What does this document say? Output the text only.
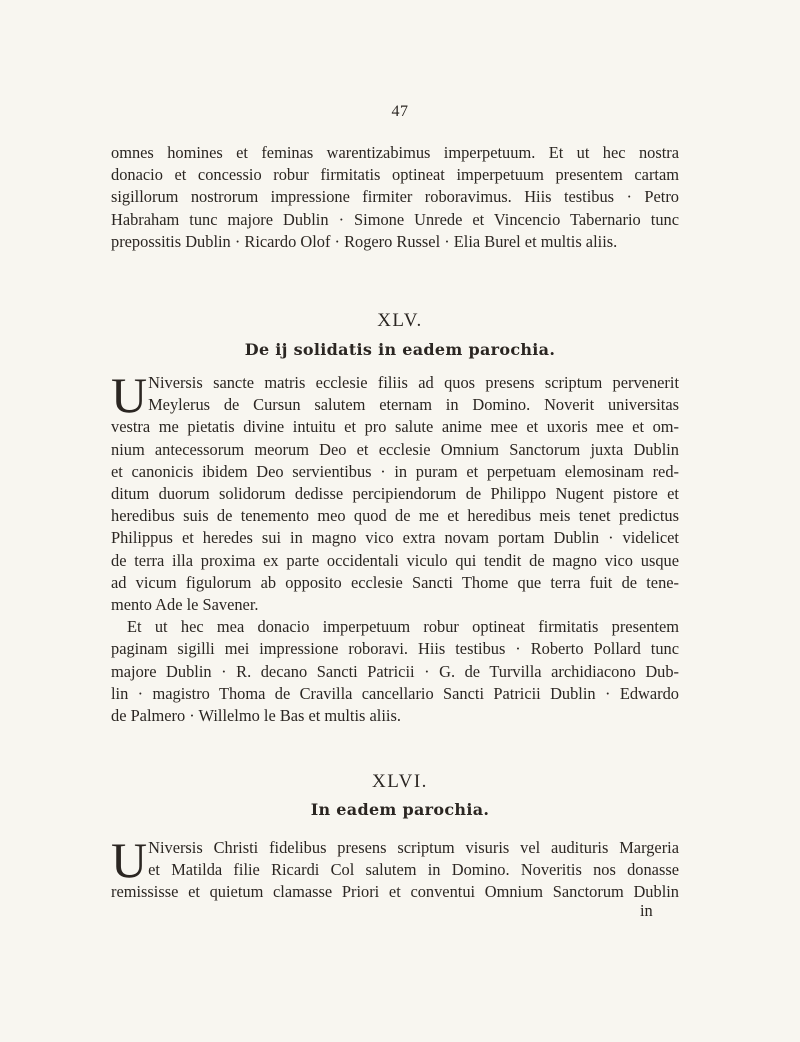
47
omnes homines et feminas warentizabimus imperpetuum. Et ut hec nostra
donacio et concessio robur firmitatis optineat imperpetuum presentem cartam
sigillorum nostrorum impressione firmiter roboravimus. Hiis testibus · Petro
Habraham tunc majore Dublin · Simone Unrede et Vincencio Tabernario tunc
prepossitis Dublin · Ricardo Olof · Rogero Russel · Elia Burel et multis aliis.
XLV.
De ij solidatis in eadem parochia.
U Niversis sancte matris ecclesie filiis ad quos presens scriptum pervenerit
Meylerus de Cursun salutem eternam in Domino. Noverit universitas
vestra me pietatis divine intuitu et pro salute anime mee et uxoris mee et om-
nium antecessorum meorum Deo et ecclesie Omnium Sanctorum juxta Dublin
et canonicis ibidem Deo servientibus · in puram et perpetuam elemosinam red-
ditum duorum solidorum dedisse percipiendorum de Philippo Nugent pistore et
heredibus suis de tenemento meo quod de me et heredibus meis tenet predictus
Philippus et heredes sui in magno vico extra novam portam Dublin · videlicet
de terra illa proxima ex parte occidentali viculo qui tendit de magno vico usque
ad vicum figulorum ab opposito ecclesie Sancti Thome que terra fuit de tene-
mento Ade le Savener.
Et ut hec mea donacio imperpetuum robur optineat firmitatis presentem
paginam sigilli mei impressione roboravi. Hiis testibus · Roberto Pollard tunc
majore Dublin · R. decano Sancti Patricii · G. de Turvilla archidiacono Dub-
lin · magistro Thoma de Cravilla cancellario Sancti Patricii Dublin · Edwardo
de Palmero · Willelmo le Bas et multis aliis.
XLVI.
In eadem parochia.
U Niversis Christi fidelibus presens scriptum visuris vel audituris Margeria
et Matilda filie Ricardi Col salutem in Domino. Noveritis nos donasse
remississe et quietum clamasse Priori et conventui Omnium Sanctorum Dublin
in
